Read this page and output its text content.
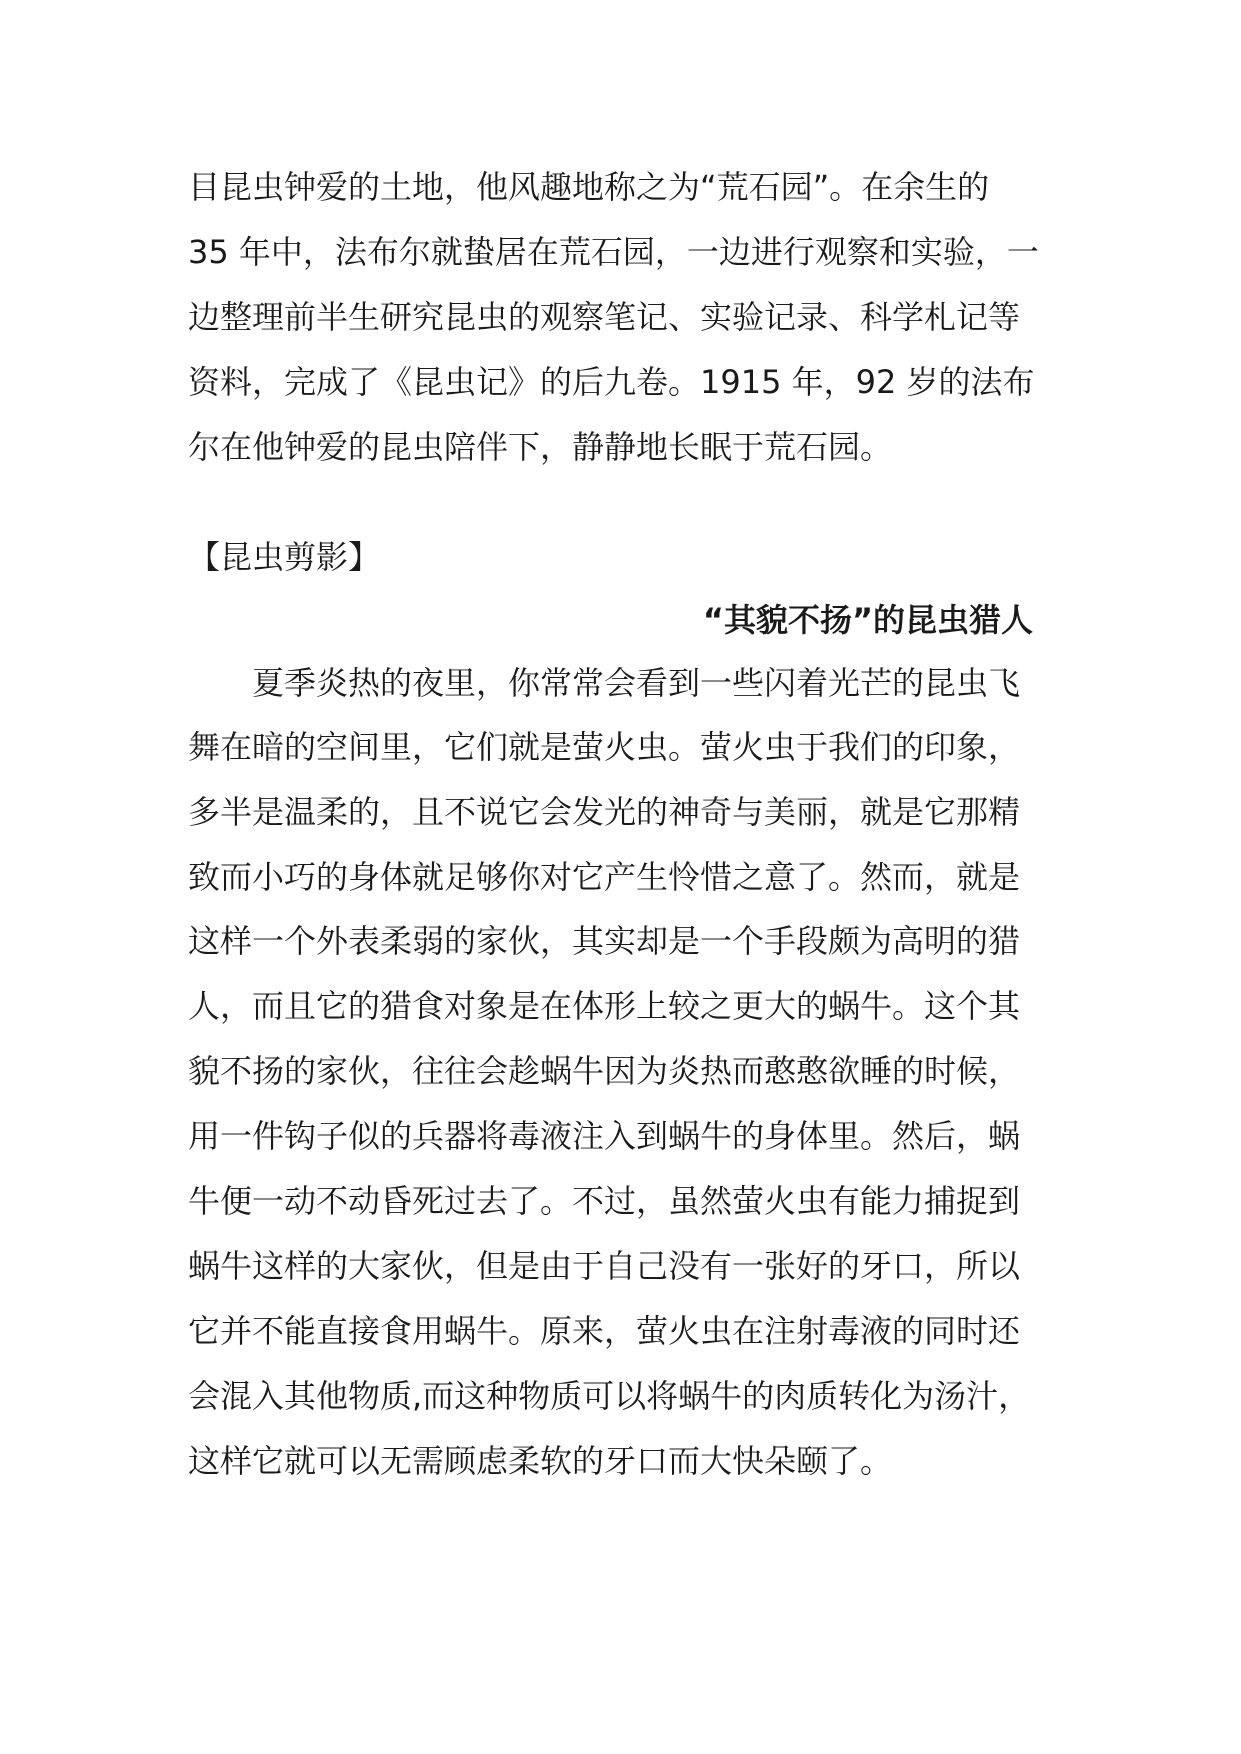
目昆虫钟爱的土地，他风趣地称之为“荒石园”。在余生的
35 年中，法布尔就蛰居在荒石园，一边进行观察和实验，一
边整理前半生研究昆虫的观察笔记、实验记录、科学札记等
资料，完成了《昆虫记》的后九卷。1915 年，92 岁的法布
尔在他钟爱的昆虫陪伴下，静静地长眠于荒石园。
【昆虫剪影】
“其貌不扬”的昆虫猎人
夏季炎热的夜里，你常常会看到一些闪着光芒的昆虫飞
舞在暗的空间里，它们就是萤火虫。萤火虫于我们的印象，
多半是温柔的，且不说它会发光的神奇与美丽，就是它那精
致而小巧的身体就足够你对它产生怜惜之意了。然而，就是
这样一个外表柔弱的家伙，其实却是一个手段颇为高明的猎
人，而且它的猎食对象是在体形上较之更大的蜗牛。这个其
貌不扬的家伙，往往会趁蜗牛因为炎热而憨憨欲睡的时候，
用一件钩子似的兵器将毒液注入到蜗牛的身体里。然后，蜗
牛便一动不动昏死过去了。不过，虽然萤火虫有能力捕捉到
蜗牛这样的大家伙，但是由于自己没有一张好的牙口，所以
它并不能直接食用蜗牛。原来，萤火虫在注射毒液的同时还
会混入其他物质,而这种物质可以将蜗牛的肉质转化为汤汁，
这样它就可以无需顾虑柔软的牙口而大快朵颐了。
